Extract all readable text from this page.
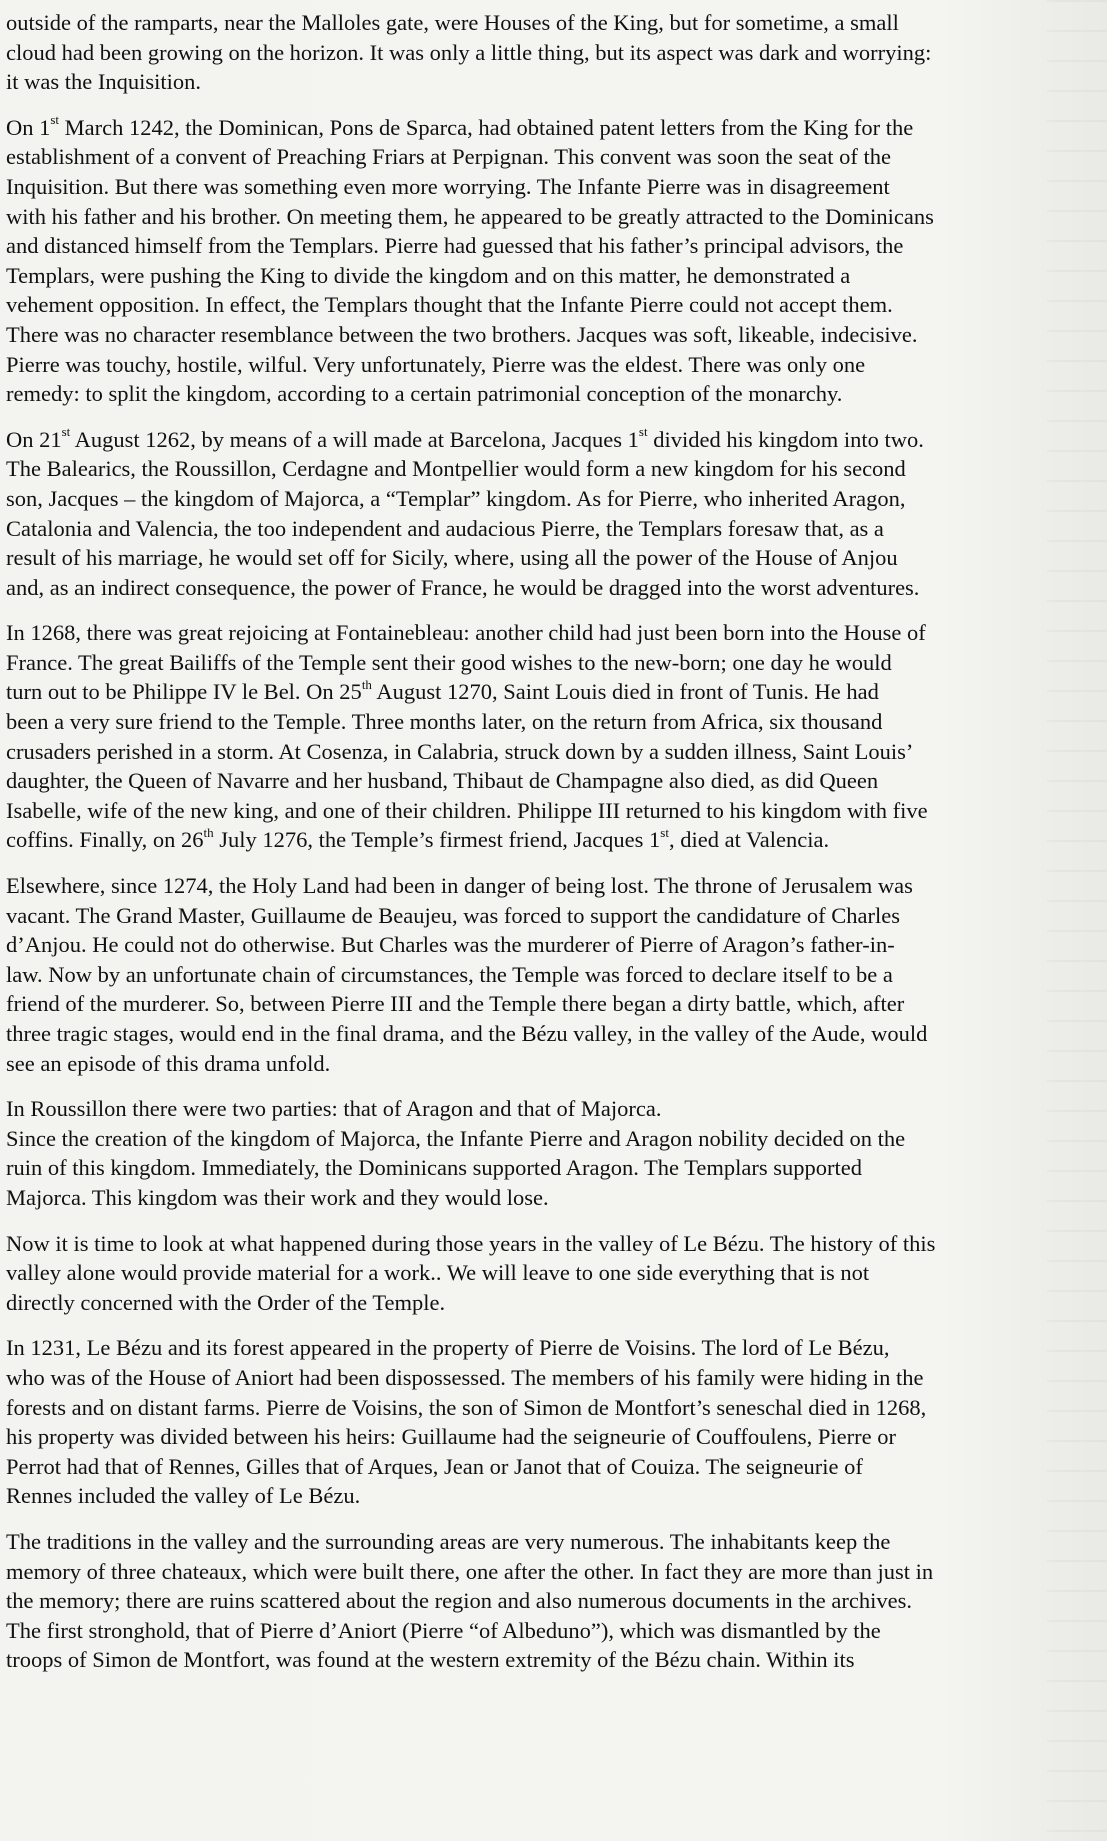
outside of the ramparts, near the Malloles gate, were Houses of the King, but for sometime, a small
cloud had been growing on the horizon. It was only a little thing, but its aspect was dark and worrying:
it was the Inquisition.
On 1st March 1242, the Dominican, Pons de Sparca, had obtained patent letters from the King for the
establishment of a convent of Preaching Friars at Perpignan. This convent was soon the seat of the
Inquisition. But there was something even more worrying. The Infante Pierre was in disagreement
with his father and his brother. On meeting them, he appeared to be greatly attracted to the Dominicans
and distanced himself from the Templars. Pierre had guessed that his father’s principal advisors, the
Templars, were pushing the King to divide the kingdom and on this matter, he demonstrated a
vehement opposition. In effect, the Templars thought that the Infante Pierre could not accept them.
There was no character resemblance between the two brothers. Jacques was soft, likeable, indecisive.
Pierre was touchy, hostile, wilful. Very unfortunately, Pierre was the eldest. There was only one
remedy: to split the kingdom, according to a certain patrimonial conception of the monarchy.
On 21st August 1262, by means of a will made at Barcelona, Jacques 1st divided his kingdom into two.
The Balearics, the Roussillon, Cerdagne and Montpellier would form a new kingdom for his second
son, Jacques – the kingdom of Majorca, a “Templar” kingdom. As for Pierre, who inherited Aragon,
Catalonia and Valencia, the too independent and audacious Pierre, the Templars foresaw that, as a
result of his marriage, he would set off for Sicily, where, using all the power of the House of Anjou
and, as an indirect consequence, the power of France, he would be dragged into the worst adventures.
In 1268, there was great rejoicing at Fontainebleau: another child had just been born into the House of
France. The great Bailiffs of the Temple sent their good wishes to the new-born; one day he would
turn out to be Philippe IV le Bel. On 25th August 1270, Saint Louis died in front of Tunis. He had
been a very sure friend to the Temple. Three months later, on the return from Africa, six thousand
crusaders perished in a storm. At Cosenza, in Calabria, struck down by a sudden illness, Saint Louis’
daughter, the Queen of Navarre and her husband, Thibaut de Champagne also died, as did Queen
Isabelle, wife of the new king, and one of their children. Philippe III returned to his kingdom with five
coffins. Finally, on 26th July 1276, the Temple’s firmest friend, Jacques 1st, died at Valencia.
Elsewhere, since 1274, the Holy Land had been in danger of being lost. The throne of Jerusalem was
vacant. The Grand Master, Guillaume de Beaujeu, was forced to support the candidature of Charles
d’Anjou. He could not do otherwise. But Charles was the murderer of Pierre of Aragon’s father-in-
law. Now by an unfortunate chain of circumstances, the Temple was forced to declare itself to be a
friend of the murderer. So, between Pierre III and the Temple there began a dirty battle, which, after
three tragic stages, would end in the final drama, and the Bézu valley, in the valley of the Aude, would
see an episode of this drama unfold.
In Roussillon there were two parties: that of Aragon and that of Majorca.
Since the creation of the kingdom of Majorca, the Infante Pierre and Aragon nobility decided on the
ruin of this kingdom. Immediately, the Dominicans supported Aragon. The Templars supported
Majorca. This kingdom was their work and they would lose.
Now it is time to look at what happened during those years in the valley of Le Bézu. The history of this
valley alone would provide material for a work.. We will leave to one side everything that is not
directly concerned with the Order of the Temple.
In 1231, Le Bézu and its forest appeared in the property of Pierre de Voisins. The lord of Le Bézu,
who was of the House of Aniort had been dispossessed. The members of his family were hiding in the
forests and on distant farms. Pierre de Voisins, the son of Simon de Montfort’s seneschal died in 1268,
his property was divided between his heirs: Guillaume had the seigneurie of Couffoulens, Pierre or
Perrot had that of Rennes, Gilles that of Arques, Jean or Janot that of Couiza. The seigneurie of
Rennes included the valley of Le Bézu.
The traditions in the valley and the surrounding areas are very numerous. The inhabitants keep the
memory of three chateaux, which were built there, one after the other. In fact they are more than just in
the memory; there are ruins scattered about the region and also numerous documents in the archives.
The first stronghold, that of Pierre d’Aniort (Pierre “of Albeduno”), which was dismantled by the
troops of Simon de Montfort, was found at the western extremity of the Bézu chain. Within its
